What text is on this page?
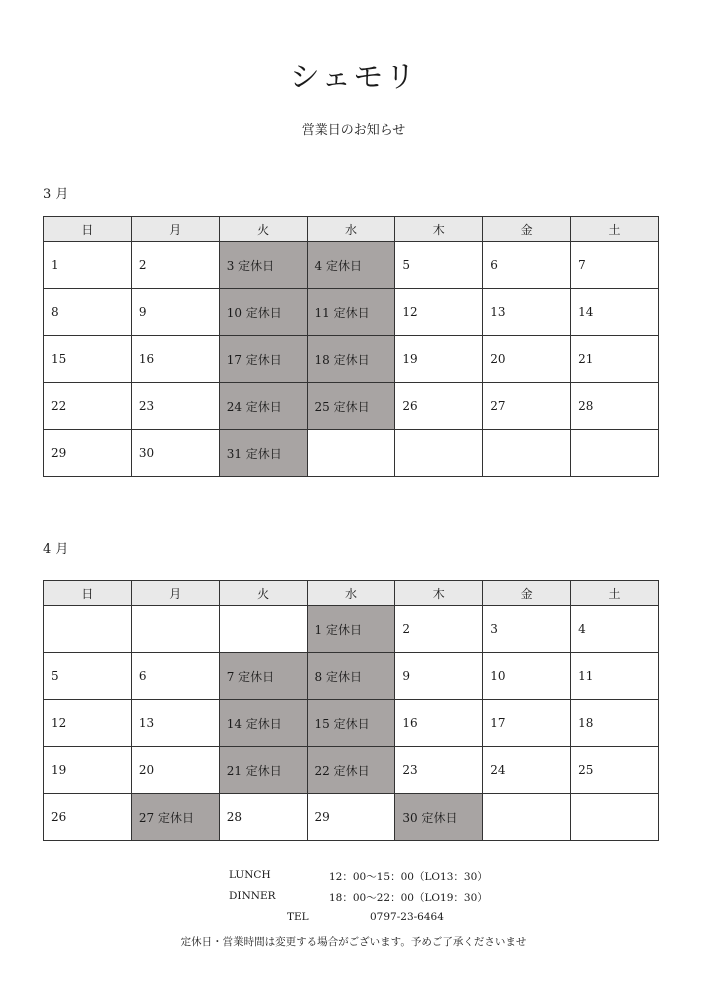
シェモリ
営業日のお知らせ
3 月
日	月	火	水	木	金	土
1	2	3 定休日	4 定休日	5	6	7
8	9	10 定休日	11 定休日	12	13	14
15	16	17 定休日	18 定休日	19	20	21
22	23	24 定休日	25 定休日	26	27	28
29	30	31 定休日				
4 月
日	月	火	水	木	金	土
			1 定休日	2	3	4
5	6	7 定休日	8 定休日	9	10	11
12	13	14 定休日	15 定休日	16	17	18
19	20	21 定休日	22 定休日	23	24	25
26	27 定休日	28	29	30 定休日		
LUNCH	12：00～15：00（LO13：30）
DINNER	18：00～22：00（LO19：30）
TEL	0797-23-6464
定休日・営業時間は変更する場合がございます。予めご了承くださいませ
